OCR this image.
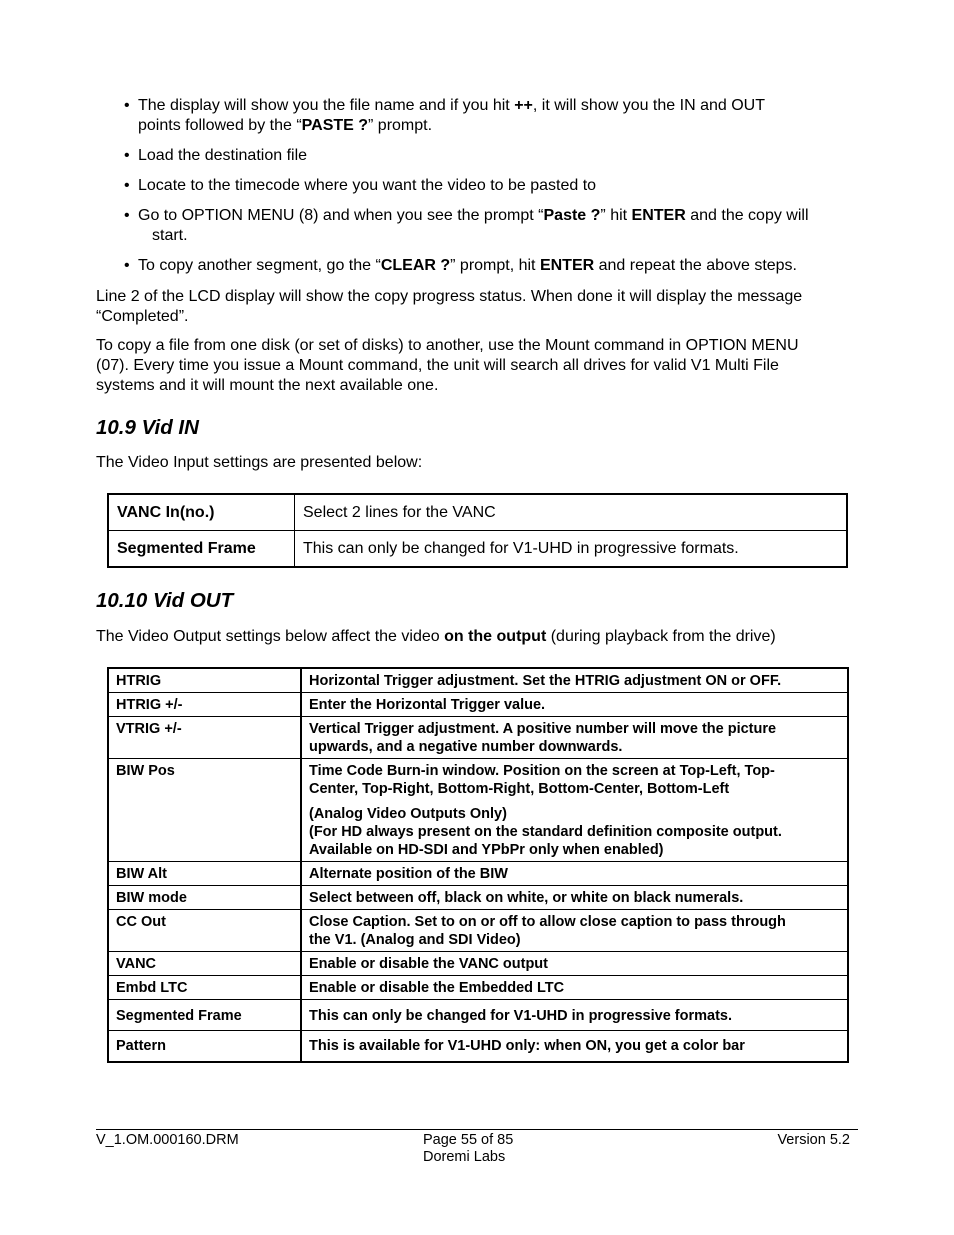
• The display will show you the file name and if you hit ++, it will show you the IN and OUT
points followed by the “PASTE ?” prompt.
• Load the destination file
• Locate to the timecode where you want the video to be pasted to
• Go to OPTION MENU (8) and when you see the prompt “Paste ?” hit ENTER and the copy will
start.
• To copy another segment, go the “CLEAR ?” prompt, hit ENTER and repeat the above steps.

Line 2 of the LCD display will show the copy progress status. When done it will display the message
“Completed”.

To copy a file from one disk (or set of disks) to another, use the Mount command in OPTION MENU
(07). Every time you issue a Mount command, the unit will search all drives for valid V1 Multi File
systems and it will mount the next available one.

10.9 Vid IN

The Video Input settings are presented below:

VANC In(no.)	Select 2 lines for the VANC
Segmented Frame	This can only be changed for V1-UHD in progressive formats.
10.10 Vid OUT

The Video Output settings below affect the video on the output (during playback from the drive)

HTRIG	Horizontal Trigger adjustment. Set the HTRIG adjustment ON or OFF.
HTRIG +/-	Enter the Horizontal Trigger value.
VTRIG +/-	Vertical Trigger adjustment. A positive number will move the picture
upwards, and a negative number downwards.
BIW Pos	Time Code Burn-in window. Position on the screen at Top-Left, Top-
Center, Top-Right, Bottom-Right, Bottom-Center, Bottom-Left
(Analog Video Outputs Only)
(For HD always present on the standard definition composite output.
Available on HD-SDI and YPbPr only when enabled)
BIW Alt	Alternate position of the BIW
BIW mode	Select between off, black on white, or white on black numerals.
CC Out	Close Caption. Set to on or off to allow close caption to pass through
the V1. (Analog and SDI Video)
VANC	Enable or disable the VANC output
Embd LTC	Enable or disable the Embedded LTC
Segmented Frame	This can only be changed for V1-UHD in progressive formats.
Pattern	This is available for V1-UHD only: when ON, you get a color bar
V_1.OM.000160.DRM	Page 55 of 85
Doremi Labs
Version 5.2
